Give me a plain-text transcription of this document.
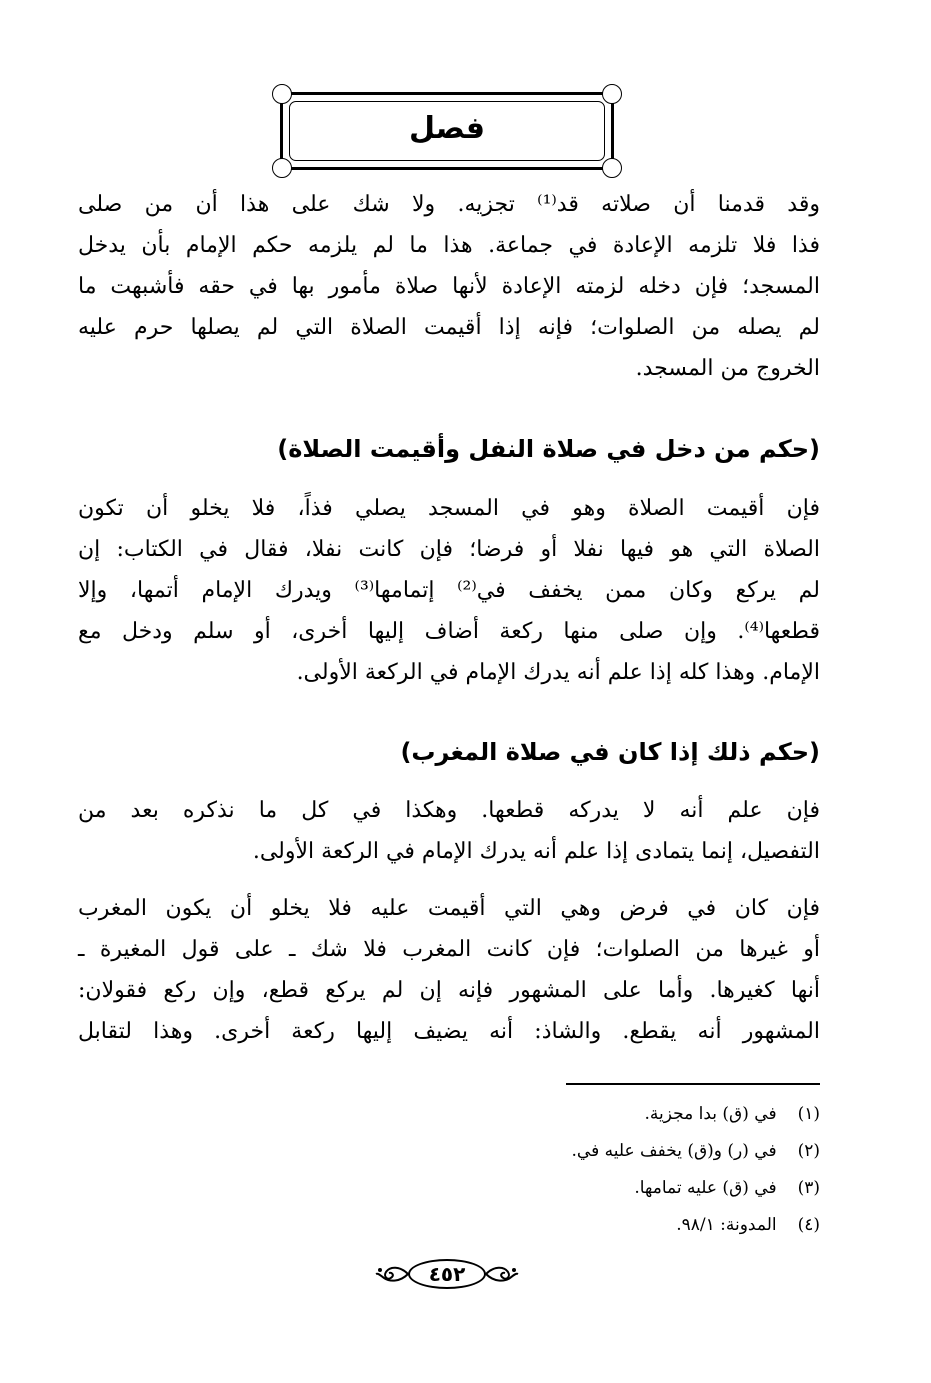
فصل
وقد قدمنا أن صلاته قد⁽¹⁾ تجزيه. ولا شك على هذا أن من صلى
فذا فلا تلزمه الإعادة في جماعة. هذا ما لم يلزمه حكم الإمام بأن يدخل
المسجد؛ فإن دخله لزمته الإعادة لأنها صلاة مأمور بها في حقه فأشبهت ما
لم يصله من الصلوات؛ فإنه إذا أقيمت الصلاة التي لم يصلها حرم عليه
الخروج من المسجد.
(حكم من دخل في صلاة النفل وأقيمت الصلاة)
فإن أقيمت الصلاة وهو في المسجد يصلي فذاً، فلا يخلو أن تكون
الصلاة التي هو فيها نفلا أو فرضا؛ فإن كانت نفلا، فقال في الكتاب: إن
لم يركع وكان ممن يخفف في⁽²⁾ إتمامها⁽³⁾ ويدرك الإمام أتمها، وإلا
قطعها⁽⁴⁾. وإن صلى منها ركعة أضاف إليها أخرى، أو سلم ودخل مع
الإمام. وهذا كله إذا علم أنه يدرك الإمام في الركعة الأولى.
(حكم ذلك إذا كان في صلاة المغرب)
فإن علم أنه لا يدركه قطعها. وهكذا في كل ما نذكره بعد من
التفصيل، إنما يتمادى إذا علم أنه يدرك الإمام في الركعة الأولى.
فإن كان في فرض وهي التي أقيمت عليه فلا يخلو أن يكون المغرب
أو غيرها من الصلوات؛ فإن كانت المغرب فلا شك ـ على قول المغيرة ـ
أنها كغيرها. وأما على المشهور فإنه إن لم يركع قطع، وإن ركع فقولان:
المشهور أنه يقطع. والشاذ: أنه يضيف إليها ركعة أخرى. وهذا لتقابل
(١) في (ق) بدا مجزية.
(٢) في (ر) و(ق) يخفف عليه في.
(٣) في (ق) عليه تمامها.
(٤) المدونة: ٩٨/١.
٤٥٢
